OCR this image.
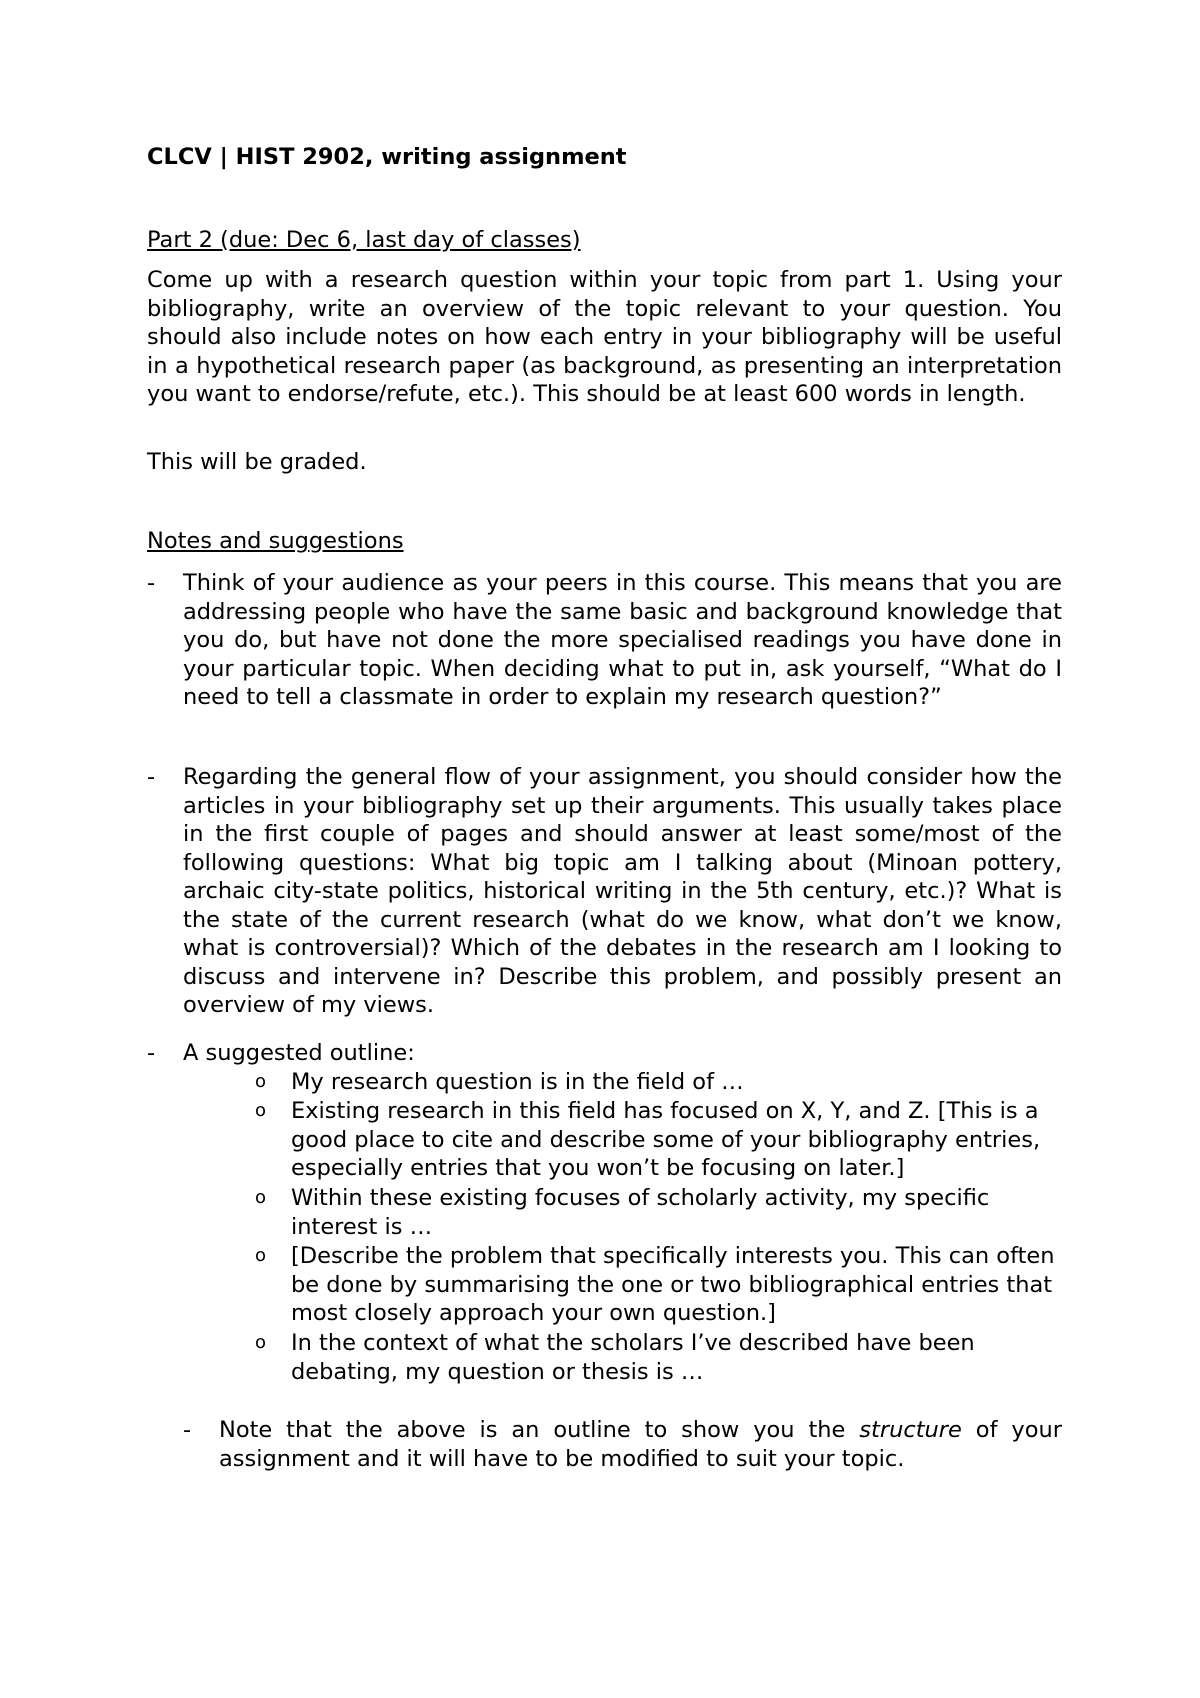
CLCV | HIST 2902, writing assignment

Part 2 (due: Dec 6, last day of classes)

Come up with a research question within your topic from part 1. Using your bibliography, write an overview of the topic relevant to your question. You should also include notes on how each entry in your bibliography will be useful in a hypothetical research paper (as background, as presenting an interpretation you want to endorse/refute, etc.). This should be at least 600 words in length.

This will be graded.

Notes and suggestions

- Think of your audience as your peers in this course. This means that you are addressing people who have the same basic and background knowledge that you do, but have not done the more specialised readings you have done in your particular topic. When deciding what to put in, ask yourself, “What do I need to tell a classmate in order to explain my research question?”
- Regarding the general flow of your assignment, you should consider how the articles in your bibliography set up their arguments. This usually takes place in the first couple of pages and should answer at least some/most of the following questions: What big topic am I talking about (Minoan pottery, archaic city-state politics, historical writing in the 5th century, etc.)? What is the state of the current research (what do we know, what don’t we know, what is controversial)? Which of the debates in the research am I looking to discuss and intervene in? Describe this problem, and possibly present an overview of my views.
- A suggested outline:
o My research question is in the field of …
o Existing research in this field has focused on X, Y, and Z. [This is a good place to cite and describe some of your bibliography entries, especially entries that you won’t be focusing on later.]
o Within these existing focuses of scholarly activity, my specific interest is …
o [Describe the problem that specifically interests you. This can often be done by summarising the one or two bibliographical entries that most closely approach your own question.]
o In the context of what the scholars I’ve described have been debating, my question or thesis is …
- Note that the above is an outline to show you the structure of your assignment and it will have to be modified to suit your topic.
